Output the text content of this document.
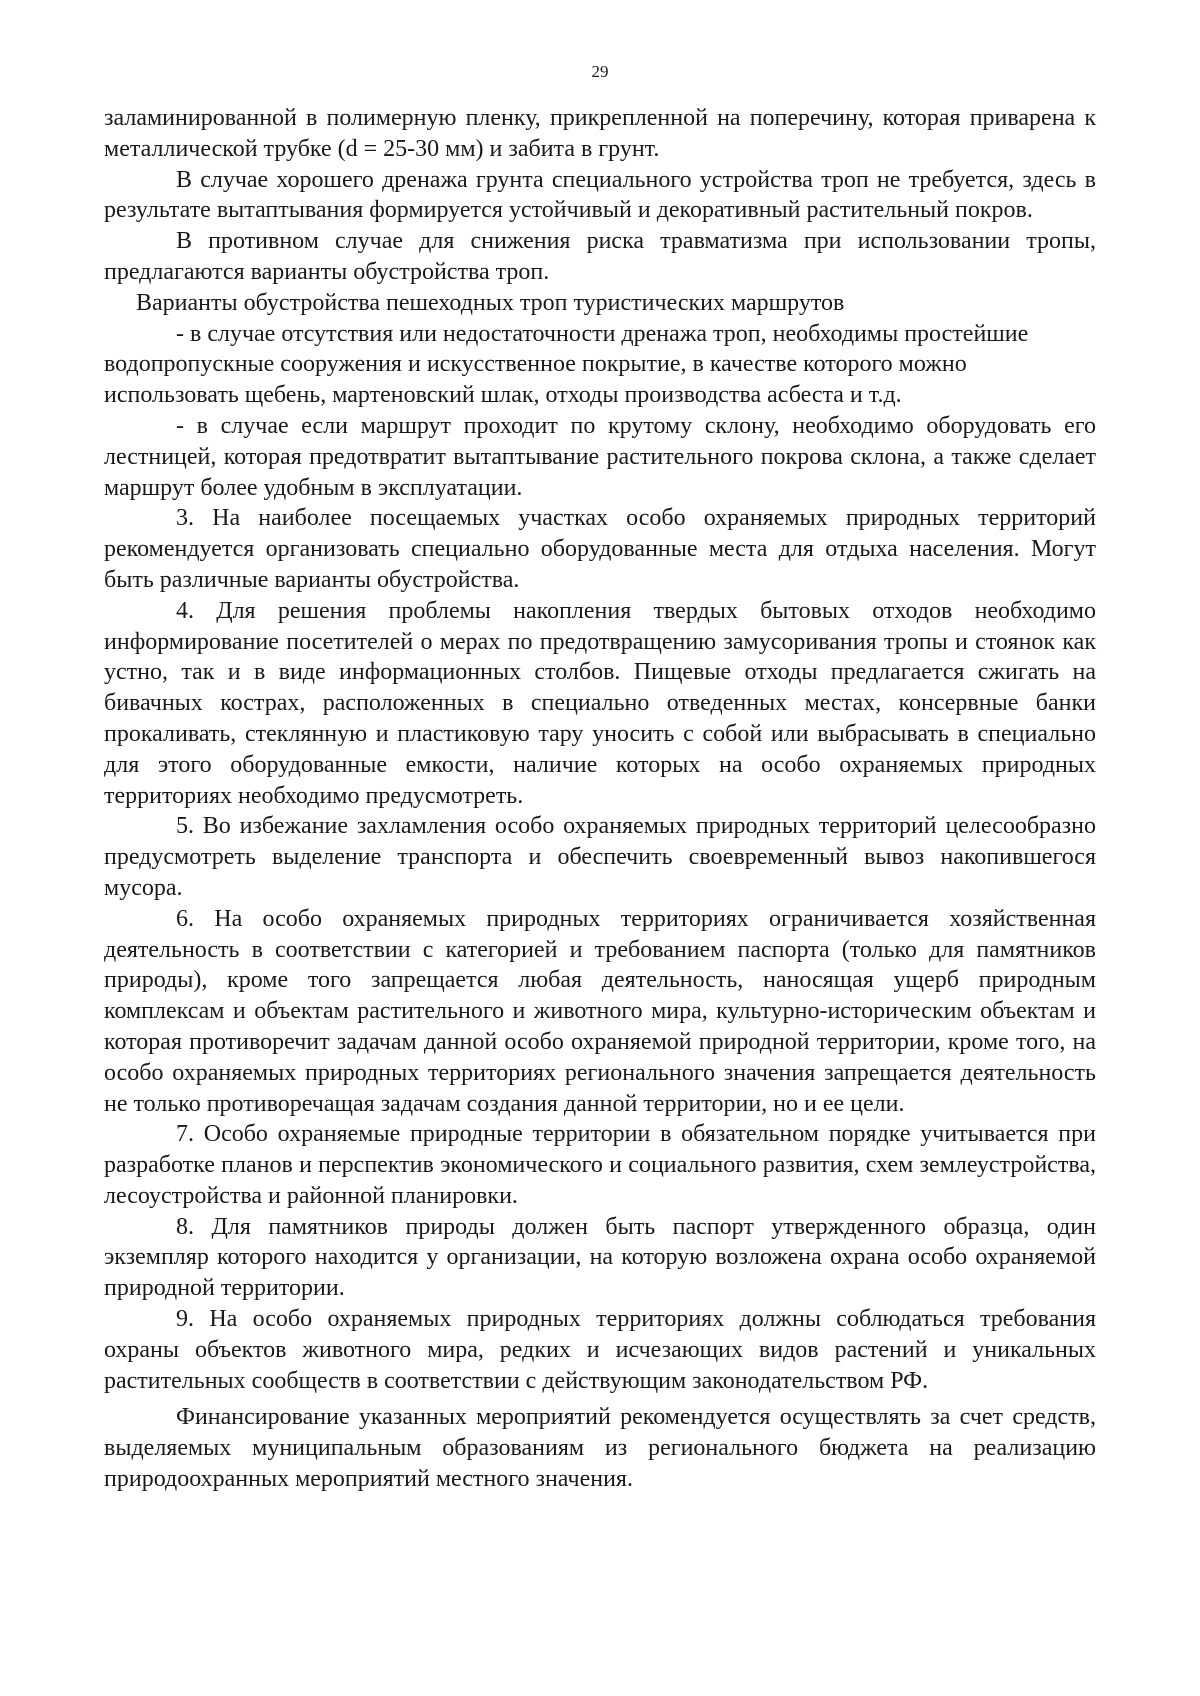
29

заламинированной в полимерную пленку, прикрепленной на поперечину, которая приварена к металлической трубке (d = 25-30 мм) и забита в грунт.

В случае хорошего дренажа грунта специального устройства троп не требуется, здесь в результате вытаптывания формируется устойчивый и декоративный растительный покров.

В противном случае для снижения риска травматизма при использовании тропы, предлагаются варианты обустройства троп.

Варианты обустройства пешеходных троп туристических маршрутов

- в случае отсутствия или недостаточности дренажа троп, необходимы простейшие водопропускные сооружения и искусственное покрытие, в качестве которого можно использовать щебень, мартеновский шлак, отходы производства асбеста и т.д.

- в случае если маршрут проходит по крутому склону, необходимо оборудовать его лестницей, которая предотвратит вытаптывание растительного покрова склона, а также сделает маршрут более удобным в эксплуатации.

3. На наиболее посещаемых участках особо охраняемых природных территорий рекомендуется организовать специально оборудованные места для отдыха населения. Могут быть различные варианты обустройства.

4. Для решения проблемы накопления твердых бытовых отходов необходимо информирование посетителей о мерах по предотвращению замусоривания тропы и стоянок как устно, так и в виде информационных столбов. Пищевые отходы предлагается сжигать на бивачных кострах, расположенных в специально отведенных местах, консервные банки прокаливать, стеклянную и пластиковую тару уносить с собой или выбрасывать в специально для этого оборудованные емкости, наличие которых на особо охраняемых природных территориях необходимо предусмотреть.

5. Во избежание захламления особо охраняемых природных территорий целесообразно предусмотреть выделение транспорта и обеспечить своевременный вывоз накопившегося мусора.

6. На особо охраняемых природных территориях ограничивается хозяйственная деятельность в соответствии с категорией и требованием паспорта (только для памятников природы), кроме того запрещается любая деятельность, наносящая ущерб природным комплексам и объектам растительного и животного мира, культурно-историческим объектам и которая противоречит задачам данной особо охраняемой природной территории, кроме того, на особо охраняемых природных территориях регионального значения запрещается деятельность не только противоречащая задачам создания данной территории, но и ее цели.

7. Особо охраняемые природные территории в обязательном порядке учитывается при разработке планов и перспектив экономического и социального развития, схем землеустройства, лесоустройства и районной планировки.

8. Для памятников природы должен быть паспорт утвержденного образца, один экземпляр которого находится у организации, на которую возложена охрана особо охраняемой природной территории.

9. На особо охраняемых природных территориях должны соблюдаться требования охраны объектов животного мира, редких и исчезающих видов растений и уникальных растительных сообществ в соответствии с действующим законодательством РФ.

Финансирование указанных мероприятий рекомендуется осуществлять за счет средств, выделяемых муниципальным образованиям из регионального бюджета на реализацию природоохранных мероприятий местного значения.
